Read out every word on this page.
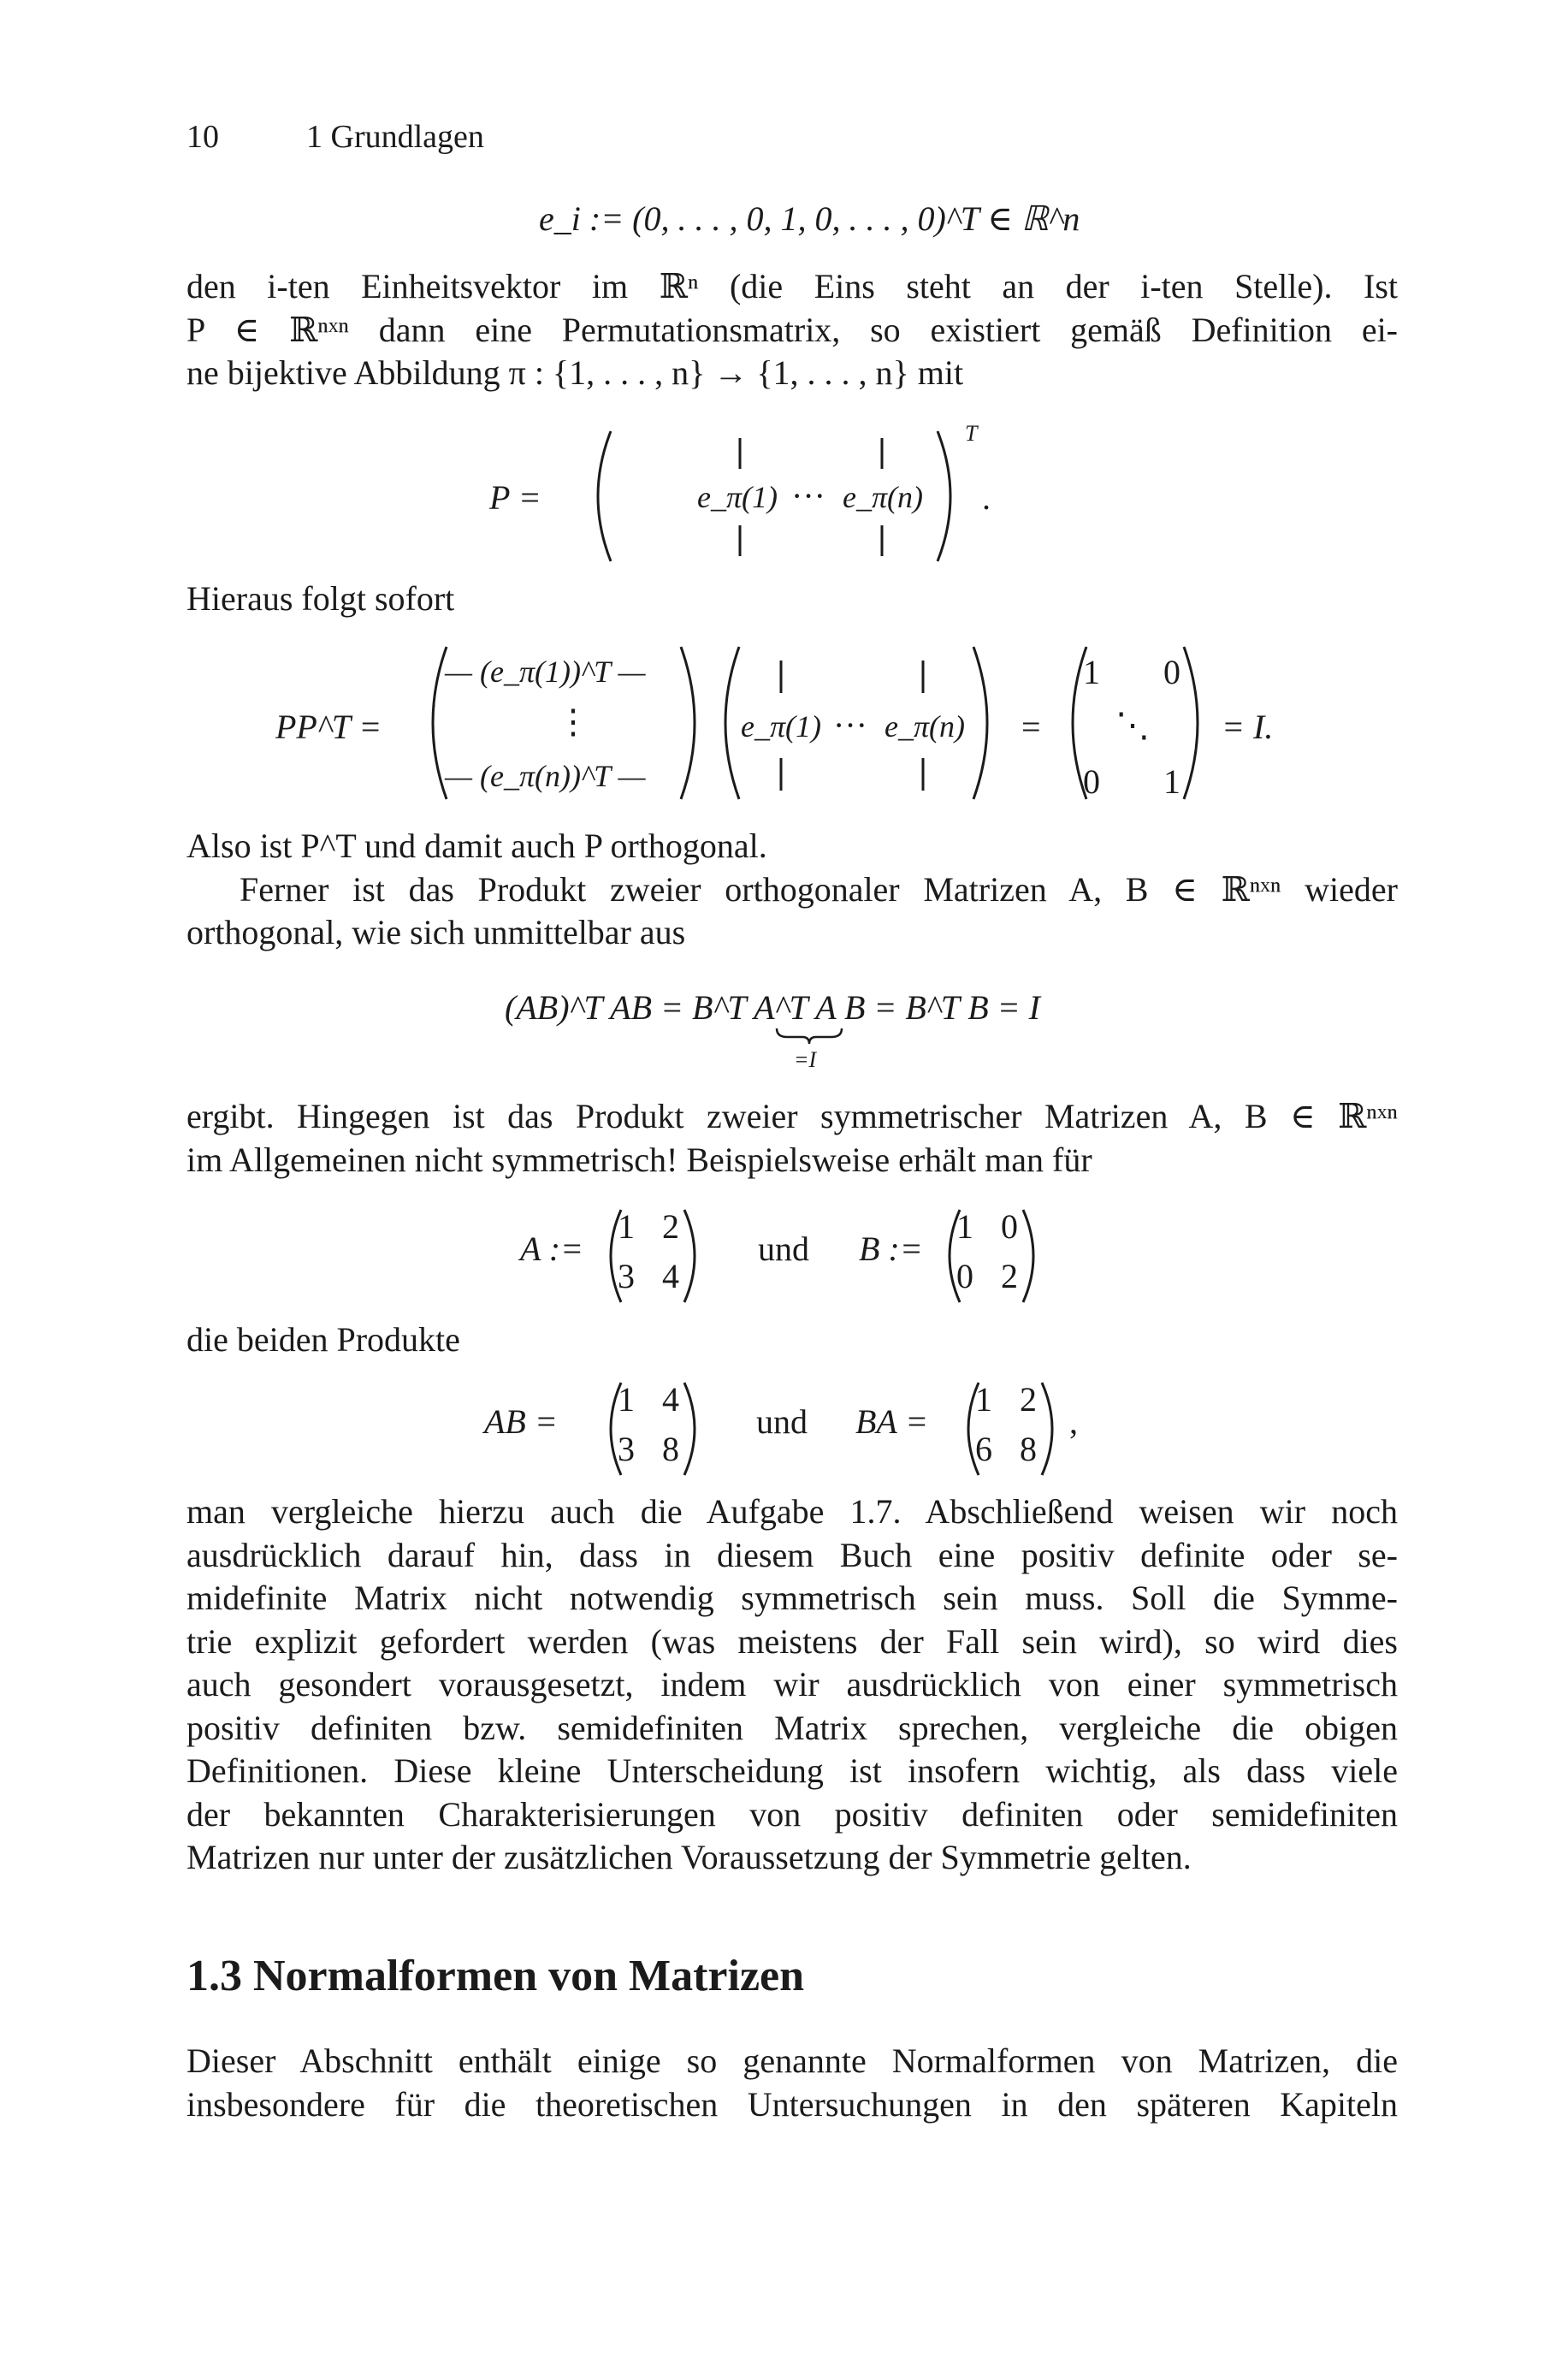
10	1 Grundlagen
e_i := (0, . . . , 0, 1, 0, . . . , 0)^T ∈ ℝ^n
den i-ten Einheitsvektor im ℝⁿ (die Eins steht an der i-ten Stelle). Ist
P ∈ ℝⁿˣⁿ dann eine Permutationsmatrix, so existiert gemäß Definition ei-
ne bijektive Abbildung π : {1, . . . , n} → {1, . . . , n} mit
P =	e_π(1) ··· e_π(n)
T
.
Hieraus folgt sofort
PP^T =
— (e_π(1))^T —
⋮
— (e_π(n))^T —
e_π(1) ··· e_π(n) =
1 0
⋱
0 1
= I.
Also ist P^T und damit auch P orthogonal.
Ferner ist das Produkt zweier orthogonaler Matrizen A, B ∈ ℝⁿˣⁿ wieder
orthogonal, wie sich unmittelbar aus
(AB)^T AB = B^T A^T A B = B^T B = I
=I
ergibt. Hingegen ist das Produkt zweier symmetrischer Matrizen A, B ∈ ℝⁿˣⁿ
im Allgemeinen nicht symmetrisch! Beispielsweise erhält man für
A :=
1 2
3 4
und B :=
1 0
0 2
die beiden Produkte
AB =
1 4
3 8
und BA =
1 2
6 8
,
man vergleiche hierzu auch die Aufgabe 1.7. Abschließend weisen wir noch
ausdrücklich darauf hin, dass in diesem Buch eine positiv definite oder se-
midefinite Matrix nicht notwendig symmetrisch sein muss. Soll die Symme-
trie explizit gefordert werden (was meistens der Fall sein wird), so wird dies
auch gesondert vorausgesetzt, indem wir ausdrücklich von einer symmetrisch
positiv definiten bzw. semidefiniten Matrix sprechen, vergleiche die obigen
Definitionen. Diese kleine Unterscheidung ist insofern wichtig, als dass viele
der bekannten Charakterisierungen von positiv definiten oder semidefiniten
Matrizen nur unter der zusätzlichen Voraussetzung der Symmetrie gelten.
1.3 Normalformen von Matrizen
Dieser Abschnitt enthält einige so genannte Normalformen von Matrizen, die
insbesondere für die theoretischen Untersuchungen in den späteren Kapiteln
